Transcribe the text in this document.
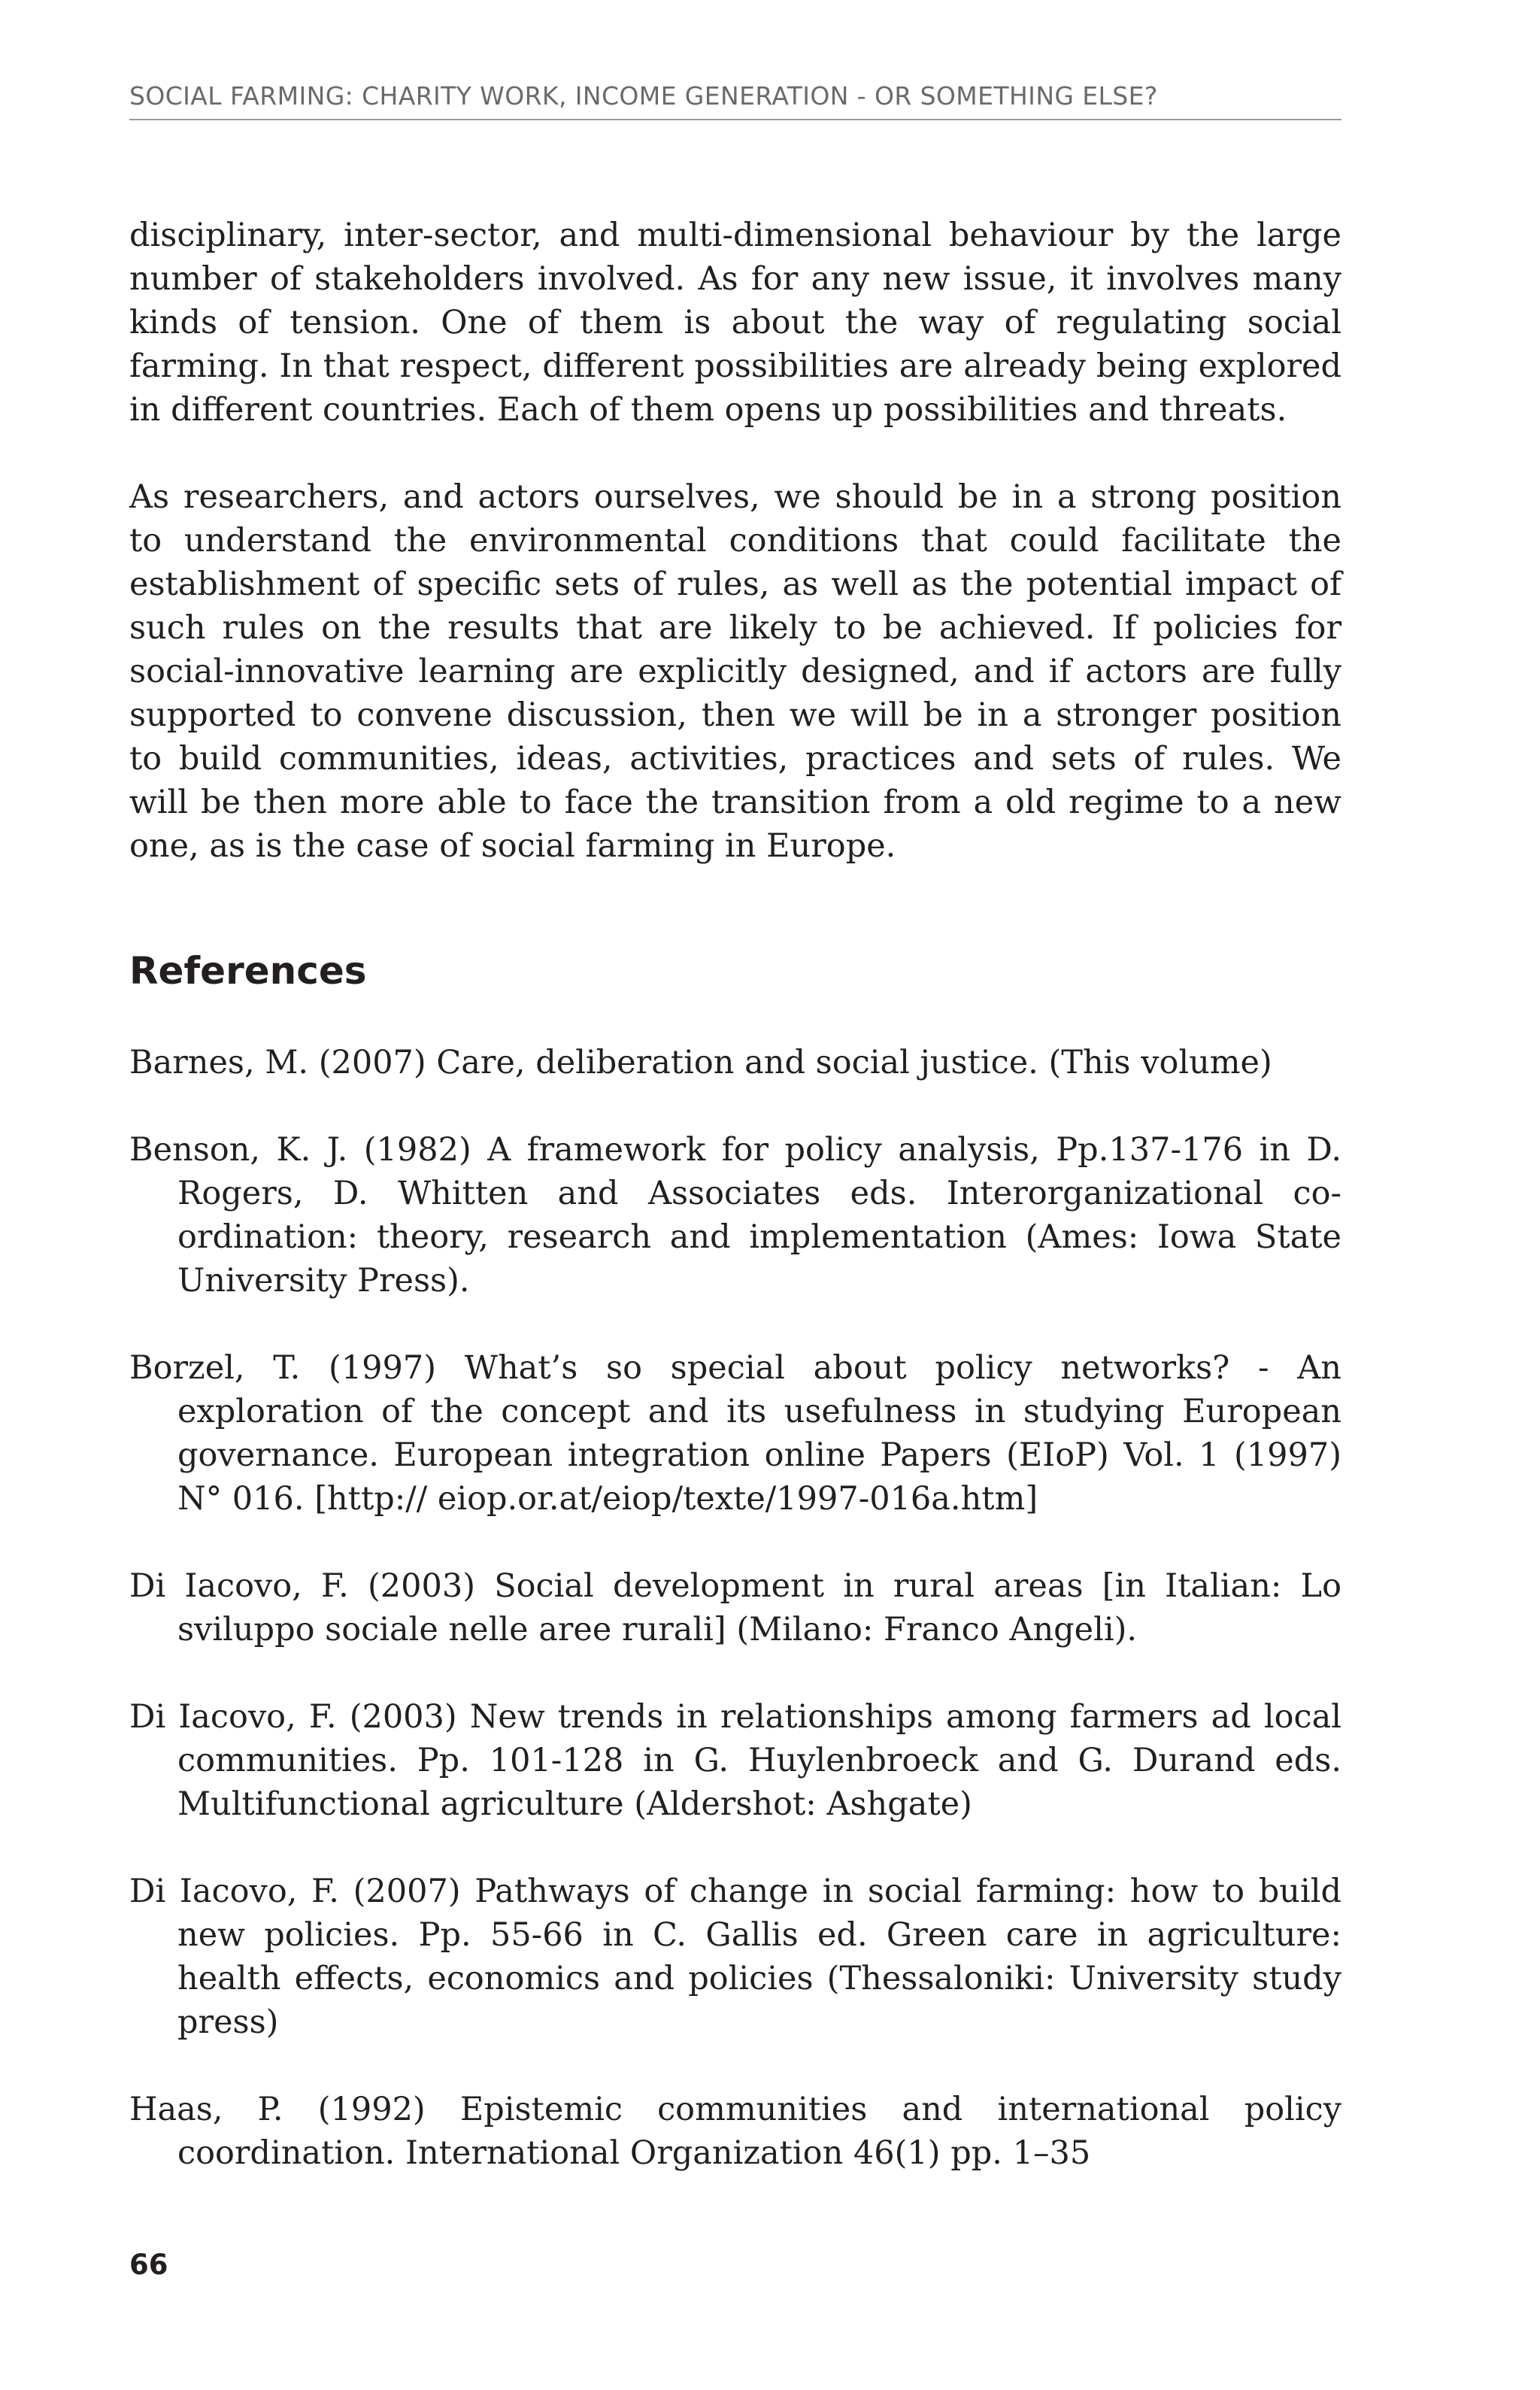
SOCIAL FARMING: CHARITY WORK, INCOME GENERATION - OR SOMETHING ELSE?

disciplinary, inter-sector, and multi-dimensional behaviour by the large number of stakeholders involved. As for any new issue, it involves many kinds of tension. One of them is about the way of regulating social farming. In that respect, different possibilities are already being explored in different countries. Each of them opens up possibilities and threats.

As researchers, and actors ourselves, we should be in a strong position to understand the environmental conditions that could facilitate the establishment of specific sets of rules, as well as the potential impact of such rules on the results that are likely to be achieved. If policies for social-innovative learning are explicitly designed, and if actors are fully supported to convene discussion, then we will be in a stronger position to build communities, ideas, activities, practices and sets of rules. We will be then more able to face the transition from a old regime to a new one, as is the case of social farming in Europe.

References
Barnes, M. (2007) Care, deliberation and social justice. (This volume)
Benson, K. J. (1982) A framework for policy analysis, Pp.137-176 in D. Rogers, D. Whitten and Associates eds. Interorganizational co-ordination: theory, research and implementation (Ames: Iowa State University Press).
Borzel, T. (1997) What’s so special about policy networks? - An exploration of the concept and its usefulness in studying European governance. European integration online Papers (EIoP) Vol. 1 (1997) N° 016. [http:// eiop.or.at/eiop/texte/1997-016a.htm]
Di Iacovo, F. (2003) Social development in rural areas [in Italian: Lo sviluppo sociale nelle aree rurali] (Milano: Franco Angeli).
Di Iacovo, F. (2003) New trends in relationships among farmers ad local communities. Pp. 101-128 in G. Huylenbroeck and G. Durand eds. Multifunctional agriculture (Aldershot: Ashgate)
Di Iacovo, F. (2007) Pathways of change in social farming: how to build new policies. Pp. 55-66 in C. Gallis ed. Green care in agriculture: health effects, economics and policies (Thessaloniki: University study press)
Haas, P. (1992) Epistemic communities and international policy coordination. International Organization 46(1) pp. 1–35
66
